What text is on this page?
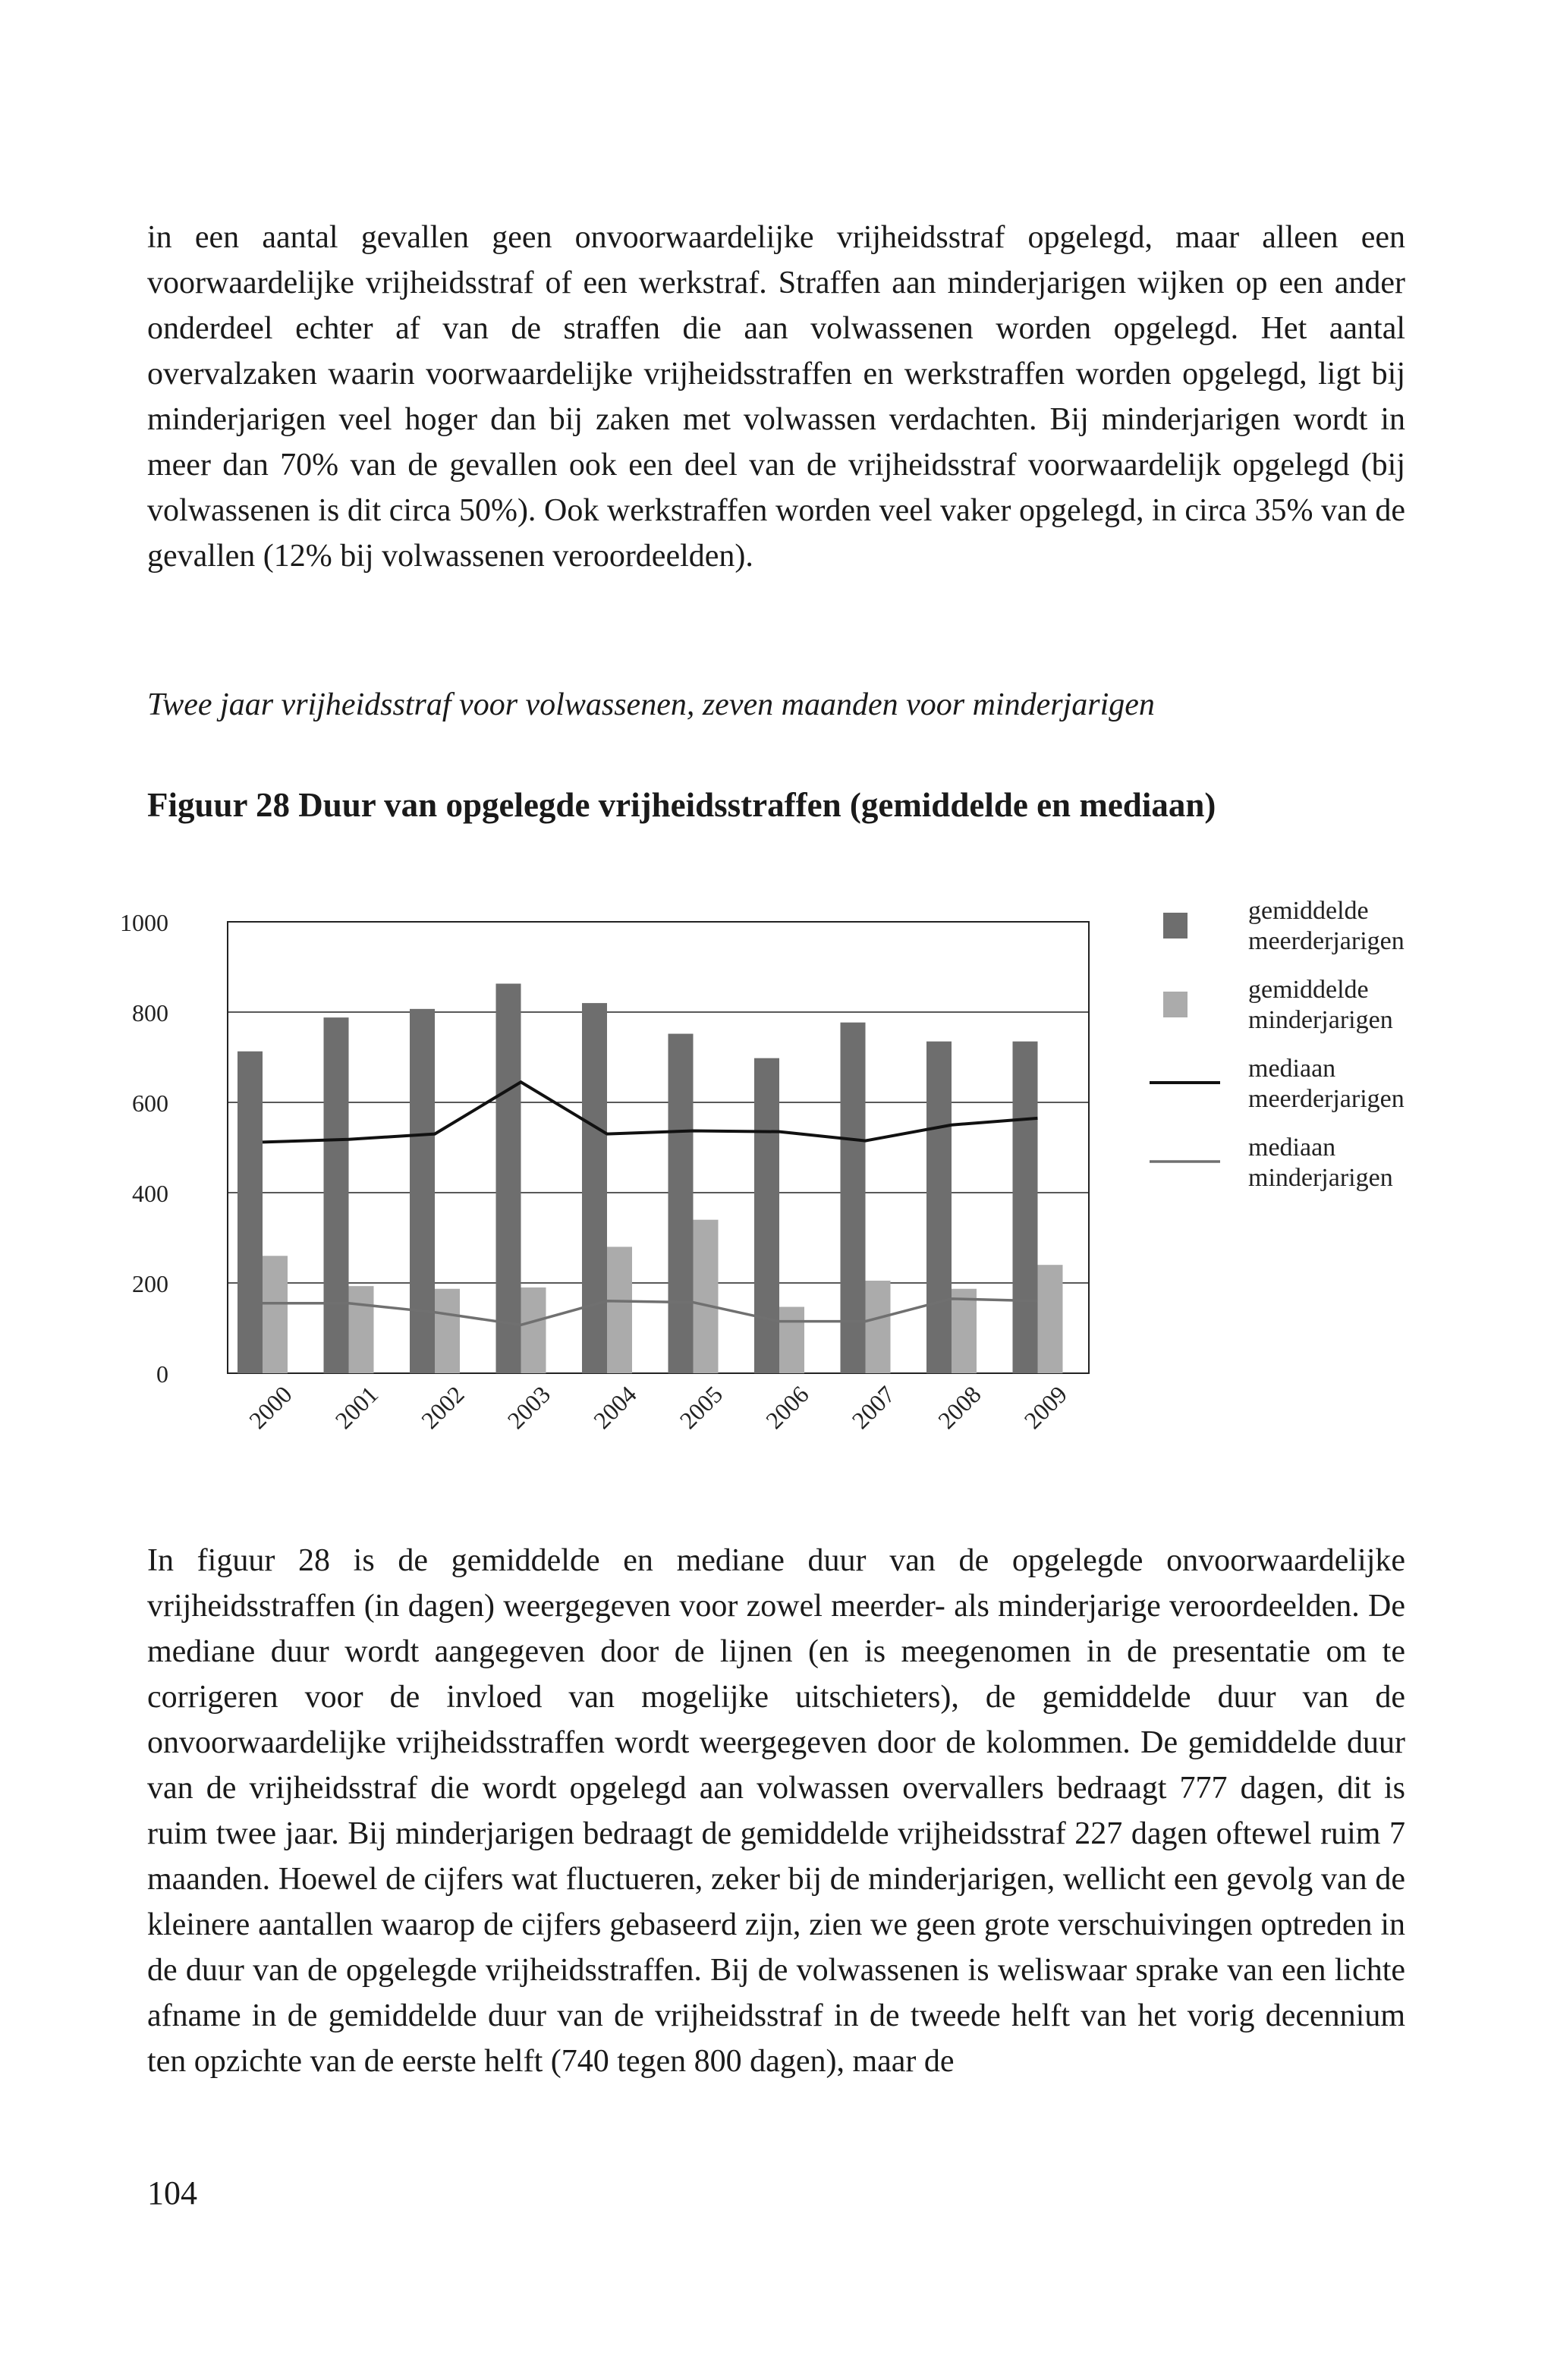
in een aantal gevallen geen onvoorwaardelijke vrijheidsstraf opgelegd, maar alleen een voorwaardelijke vrijheidsstraf of een werkstraf. Straffen aan minderjarigen wijken op een ander onderdeel echter af van de straffen die aan volwassenen worden opgelegd. Het aantal overvalzaken waarin voorwaardelijke vrijheidsstraffen en werkstraffen worden opgelegd, ligt bij minderjarigen veel hoger dan bij zaken met volwassen verdachten. Bij minderjarigen wordt in meer dan 70% van de gevallen ook een deel van de vrijheidsstraf voorwaardelijk opgelegd (bij volwassenen is dit circa 50%). Ook werkstraffen worden veel vaker opgelegd, in circa 35% van de gevallen (12% bij volwassenen veroordeelden).

Twee jaar vrijheidsstraf voor volwassenen, zeven maanden voor minderjarigen

Figuur 28 Duur van opgelegde vrijheidsstraffen (gemiddelde en mediaan)

0
200
400
600
800
1000
2000 2001 2002 2003 2004 2005 2006 2007 2008 2009
gemiddelde
meerderjarigen
gemiddelde
minderjarigen
mediaan
meerderjarigen
mediaan
minderjarigen

In figuur 28 is de gemiddelde en mediane duur van de opgelegde onvoorwaardelijke vrijheidsstraffen (in dagen) weergegeven voor zowel meerder- als minderjarige veroordeelden. De mediane duur wordt aangegeven door de lijnen (en is meegenomen in de presentatie om te corrigeren voor de invloed van mogelijke uitschieters), de gemiddelde duur van de onvoorwaardelijke vrijheidsstraffen wordt weergegeven door de kolommen. De gemiddelde duur van de vrijheidsstraf die wordt opgelegd aan volwassen overvallers bedraagt 777 dagen, dit is ruim twee jaar. Bij minderjarigen bedraagt de gemiddelde vrijheidsstraf 227 dagen oftewel ruim 7 maanden. Hoewel de cijfers wat fluctueren, zeker bij de minderjarigen, wellicht een gevolg van de kleinere aantallen waarop de cijfers gebaseerd zijn, zien we geen grote verschuivingen optreden in de duur van de opgelegde vrijheidsstraffen. Bij de volwassenen is weliswaar sprake van een lichte afname in de gemiddelde duur van de vrijheidsstraf in de tweede helft van het vorig decennium ten opzichte van de eerste helft (740 tegen 800 dagen), maar de

104
